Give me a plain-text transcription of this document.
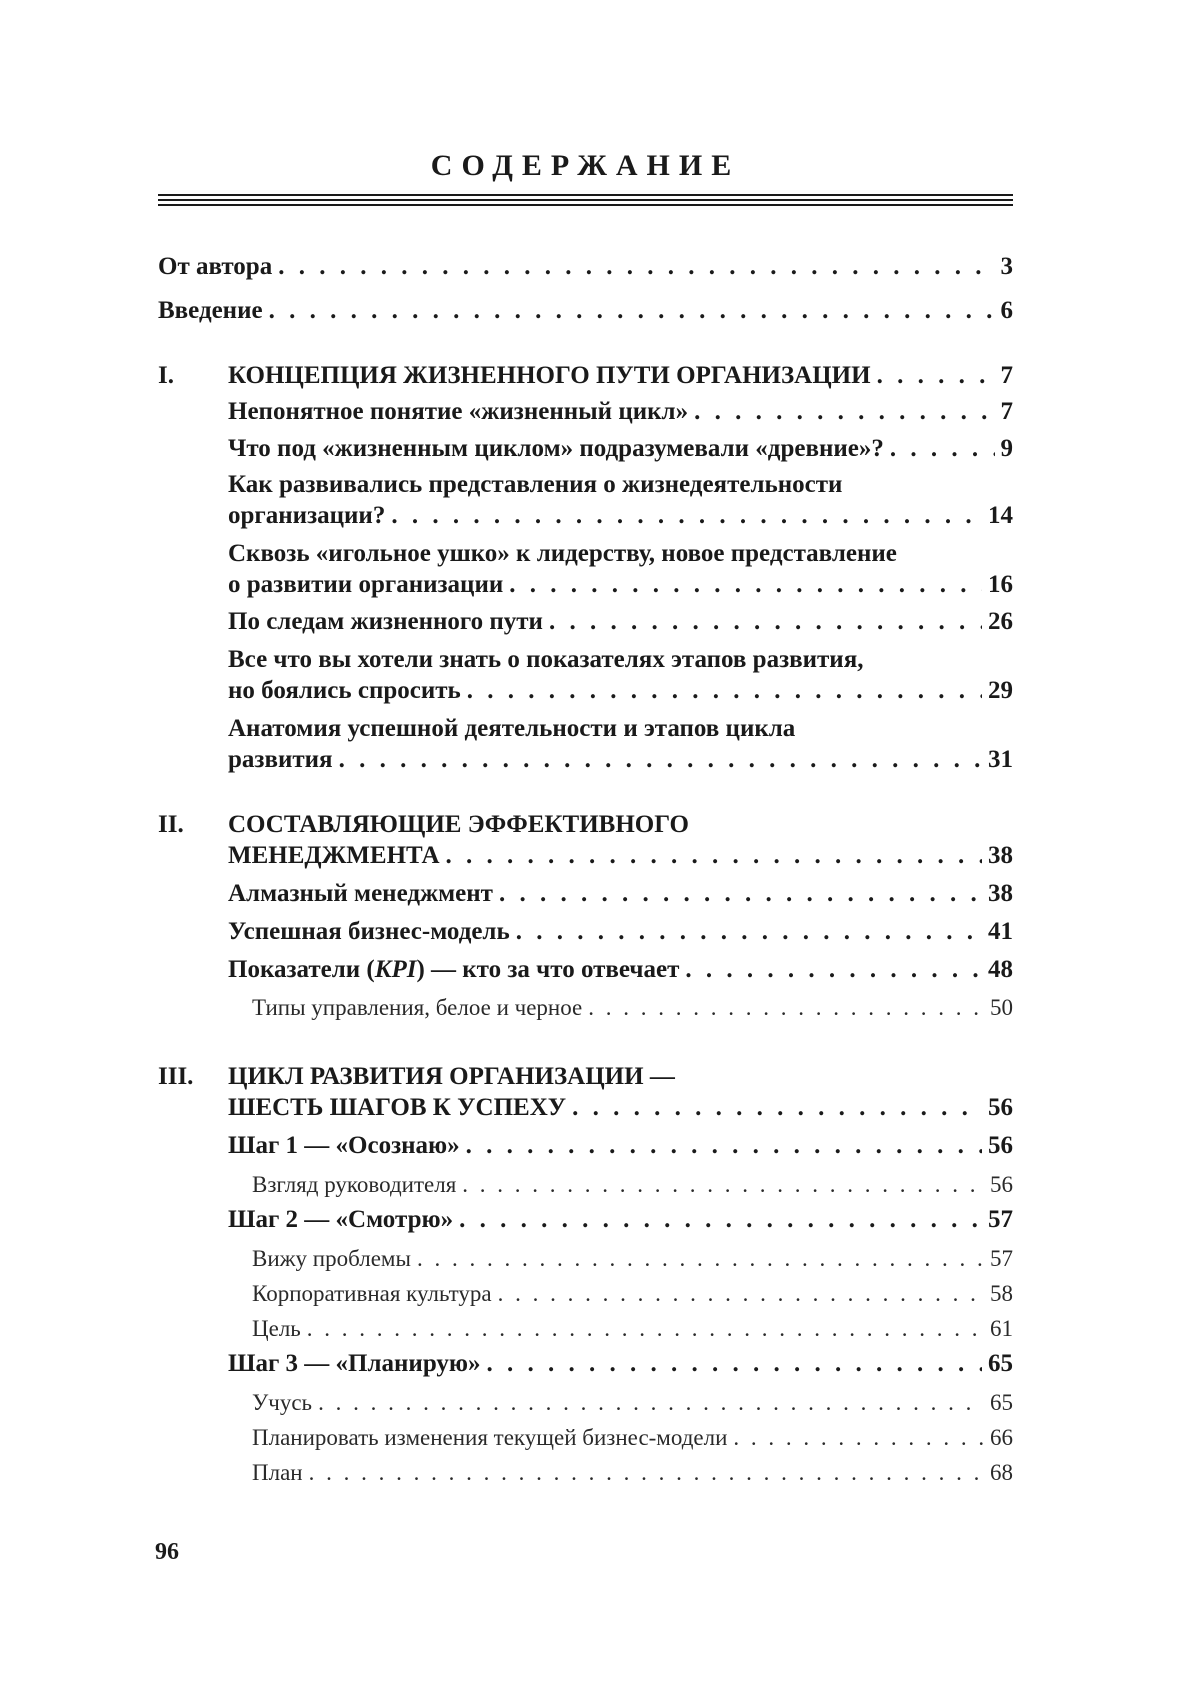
СОДЕРЖАНИЕ
От автора . . .	3
Введение . . .	6
I. КОНЦЕПЦИЯ ЖИЗНЕННОГО ПУТИ ОРГАНИЗАЦИИ . . .	7
Непонятное понятие «жизненный цикл» . . .	7
Что под «жизненным циклом» подразумевали «древние»? . . .	9
Как развивались представления о жизнедеятельности
организации? . . .	14
Сквозь «игольное ушко» к лидерству, новое представление
о развитии организации . . .	16
По следам жизненного пути . . .	26
Все что вы хотели знать о показателях этапов развития,
но боялись спросить . . .	29
Анатомия успешной деятельности и этапов цикла
развития . . .	31
II. СОСТАВЛЯЮЩИЕ ЭФФЕКТИВНОГО
МЕНЕДЖМЕНТА . . .	38
Алмазный менеджмент . . .	38
Успешная бизнес-модель . . .	41
Показатели (KPI) — кто за что отвечает . . .	48
Типы управления, белое и черное . . .	50
III. ЦИКЛ РАЗВИТИЯ ОРГАНИЗАЦИИ —
ШЕСТЬ ШАГОВ К УСПЕХУ . . .	56
Шаг 1 — «Осознаю» . . .	56
Взгляд руководителя . . .	56
Шаг 2 — «Смотрю» . . .	57
Вижу проблемы . . .	57
Корпоративная культура . . .	58
Цель . . .	61
Шаг 3 — «Планирую» . . .	65
Учусь . . .	65
Планировать изменения текущей бизнес-модели . . .	66
План . . .	68
96
